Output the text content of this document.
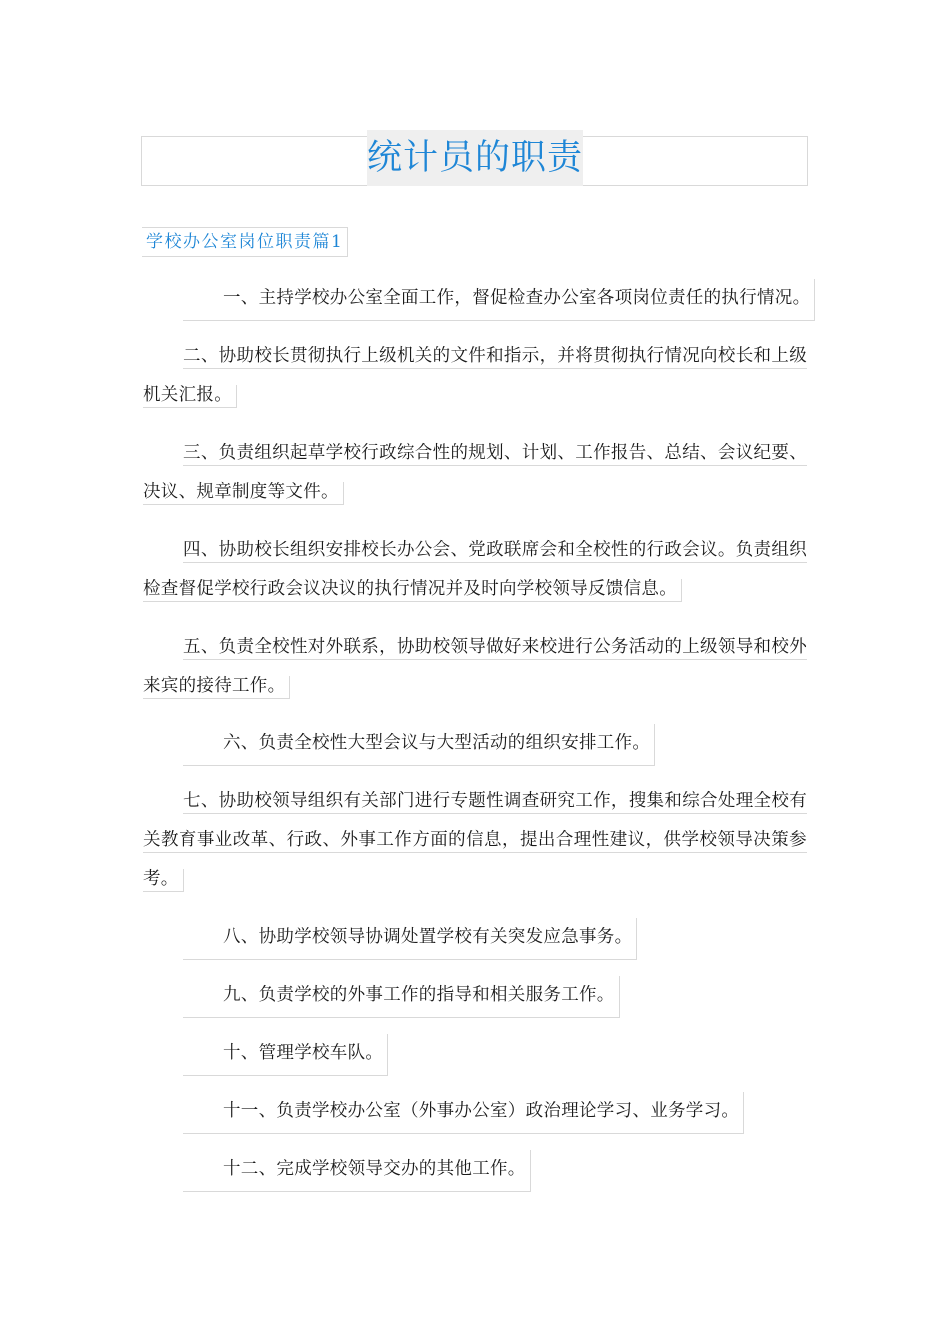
统计员的职责
学校办公室岗位职责篇1
一、主持学校办公室全面工作，督促检查办公室各项岗位责任的执行情况。
二、协助校长贯彻执行上级机关的文件和指示，并将贯彻执行情况向校长和上级机关汇报。
三、负责组织起草学校行政综合性的规划、计划、工作报告、总结、会议纪要、决议、规章制度等文件。
四、协助校长组织安排校长办公会、党政联席会和全校性的行政会议。负责组织检查督促学校行政会议决议的执行情况并及时向学校领导反馈信息。
五、负责全校性对外联系，协助校领导做好来校进行公务活动的上级领导和校外来宾的接待工作。
六、负责全校性大型会议与大型活动的组织安排工作。
七、协助校领导组织有关部门进行专题性调查研究工作，搜集和综合处理全校有关教育事业改革、行政、外事工作方面的信息，提出合理性建议，供学校领导决策参考。
八、协助学校领导协调处置学校有关突发应急事务。
九、负责学校的外事工作的指导和相关服务工作。
十、管理学校车队。
十一、负责学校办公室（外事办公室）政治理论学习、业务学习。
十二、完成学校领导交办的其他工作。
